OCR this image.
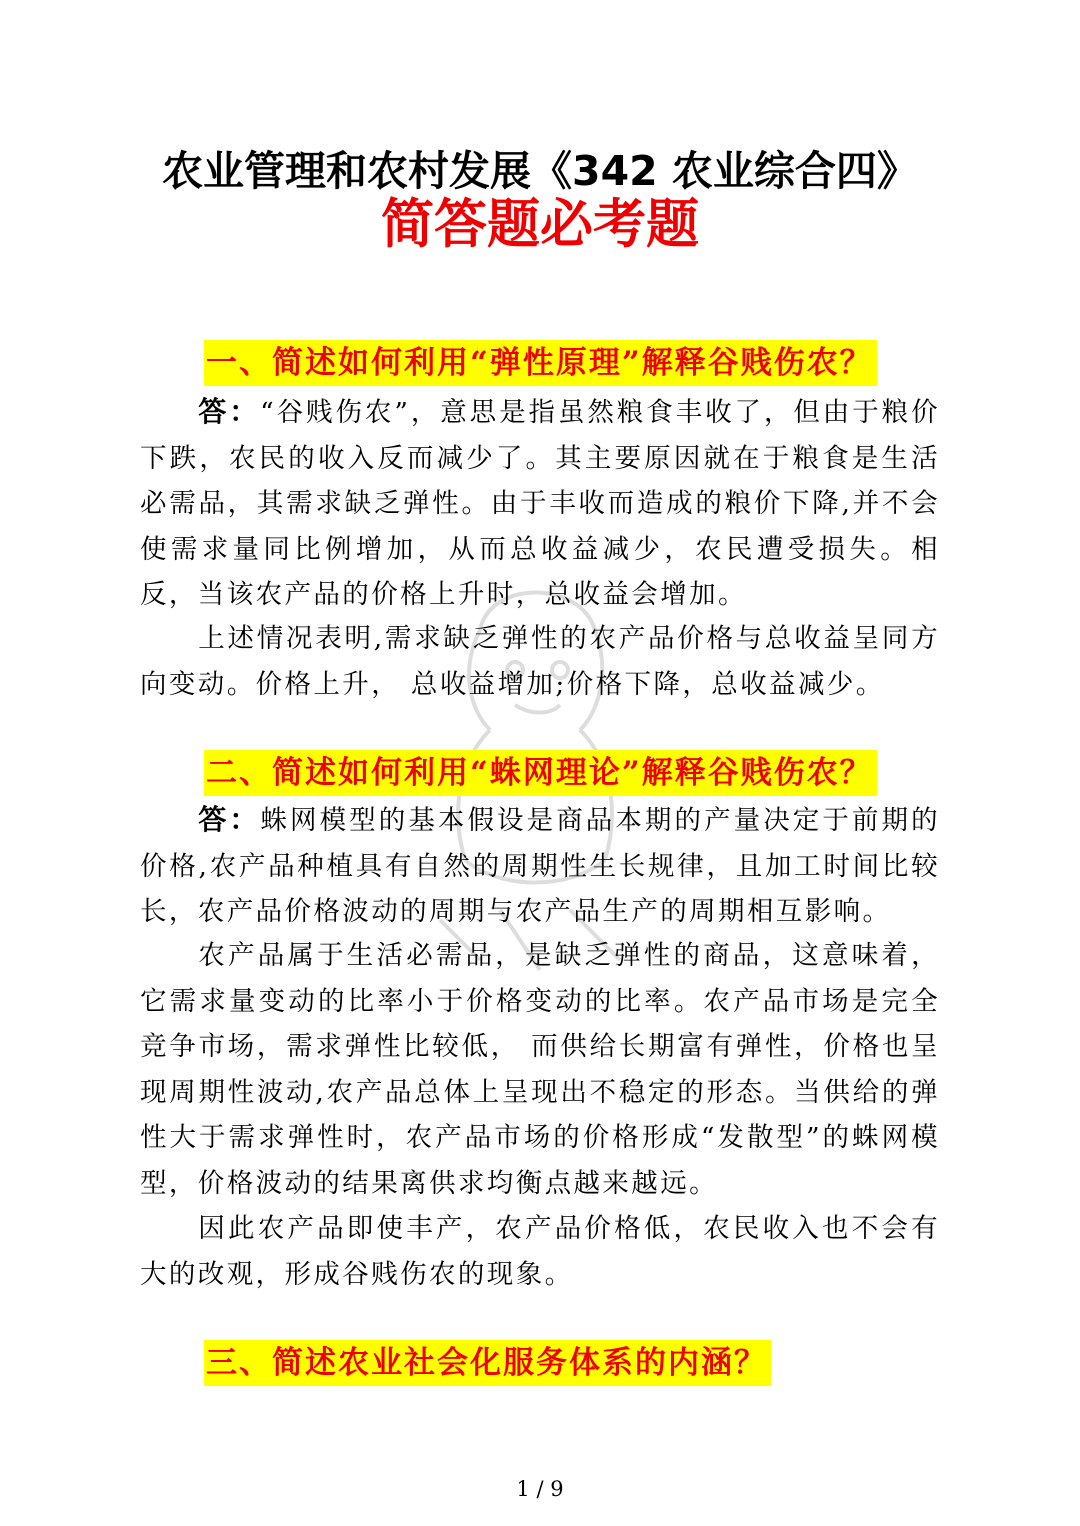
农业管理和农村发展《342 农业综合四》
简答题必考题
一、简述如何利用“弹性原理”解释谷贱伤农？

答：“谷贱伤农”，意思是指虽然粮食丰收了，但由于粮价下跌，农民的收入反而减少了。其主要原因就在于粮食是生活必需品，其需求缺乏弹性。由于丰收而造成的粮价下降,并不会使需求量同比例增加，从而总收益减少，农民遭受损失。相反，当该农产品的价格上升时，总收益会增加。

上述情况表明,需求缺乏弹性的农产品价格与总收益呈同方向变动。价格上升， 总收益增加;价格下降，总收益减少。

二、简述如何利用“蛛网理论”解释谷贱伤农？

答：蛛网模型的基本假设是商品本期的产量决定于前期的价格,农产品种植具有自然的周期性生长规律，且加工时间比较长，农产品价格波动的周期与农产品生产的周期相互影响。

农产品属于生活必需品，是缺乏弹性的商品，这意味着，它需求量变动的比率小于价格变动的比率。农产品市场是完全竞争市场，需求弹性比较低， 而供给长期富有弹性，价格也呈现周期性波动,农产品总体上呈现出不稳定的形态。当供给的弹性大于需求弹性时，农产品市场的价格形成“发散型”的蛛网模型，价格波动的结果离供求均衡点越来越远。

因此农产品即使丰产，农产品价格低，农民收入也不会有大的改观，形成谷贱伤农的现象。

三、简述农业社会化服务体系的内涵？
1 / 9
